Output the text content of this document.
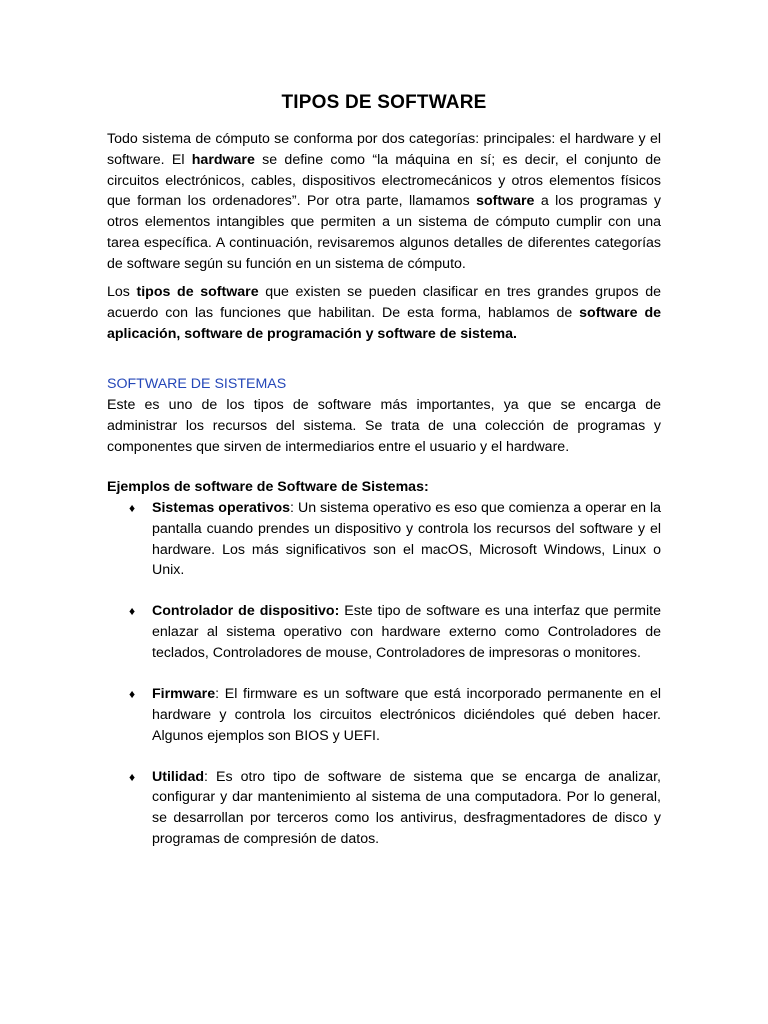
TIPOS DE SOFTWARE

Todo sistema de cómputo se conforma por dos categorías: principales: el hardware y el software. El hardware se define como “la máquina en sí; es decir, el conjunto de circuitos electrónicos, cables, dispositivos electromecánicos y otros elementos físicos que forman los ordenadores”. Por otra parte, llamamos software a los programas y otros elementos intangibles que permiten a un sistema de cómputo cumplir con una tarea específica. A continuación, revisaremos algunos detalles de diferentes categorías de software según su función en un sistema de cómputo.

Los tipos de software que existen se pueden clasificar en tres grandes grupos de acuerdo con las funciones que habilitan. De esta forma, hablamos de software de aplicación, software de programación y software de sistema.

SOFTWARE DE SISTEMAS

Este es uno de los tipos de software más importantes, ya que se encarga de administrar los recursos del sistema. Se trata de una colección de programas y componentes que sirven de intermediarios entre el usuario y el hardware.

Ejemplos de software de Software de Sistemas:

♦ Sistemas operativos: Un sistema operativo es eso que comienza a operar en la pantalla cuando prendes un dispositivo y controla los recursos del software y el hardware. Los más significativos son el macOS, Microsoft Windows, Linux o Unix.
♦ Controlador de dispositivo: Este tipo de software es una interfaz que permite enlazar al sistema operativo con hardware externo como Controladores de teclados, Controladores de mouse, Controladores de impresoras o monitores.
♦ Firmware: El firmware es un software que está incorporado permanente en el hardware y controla los circuitos electrónicos diciéndoles qué deben hacer. Algunos ejemplos son BIOS y UEFI.
♦ Utilidad: Es otro tipo de software de sistema que se encarga de analizar, configurar y dar mantenimiento al sistema de una computadora. Por lo general, se desarrollan por terceros como los antivirus, desfragmentadores de disco y programas de compresión de datos.
